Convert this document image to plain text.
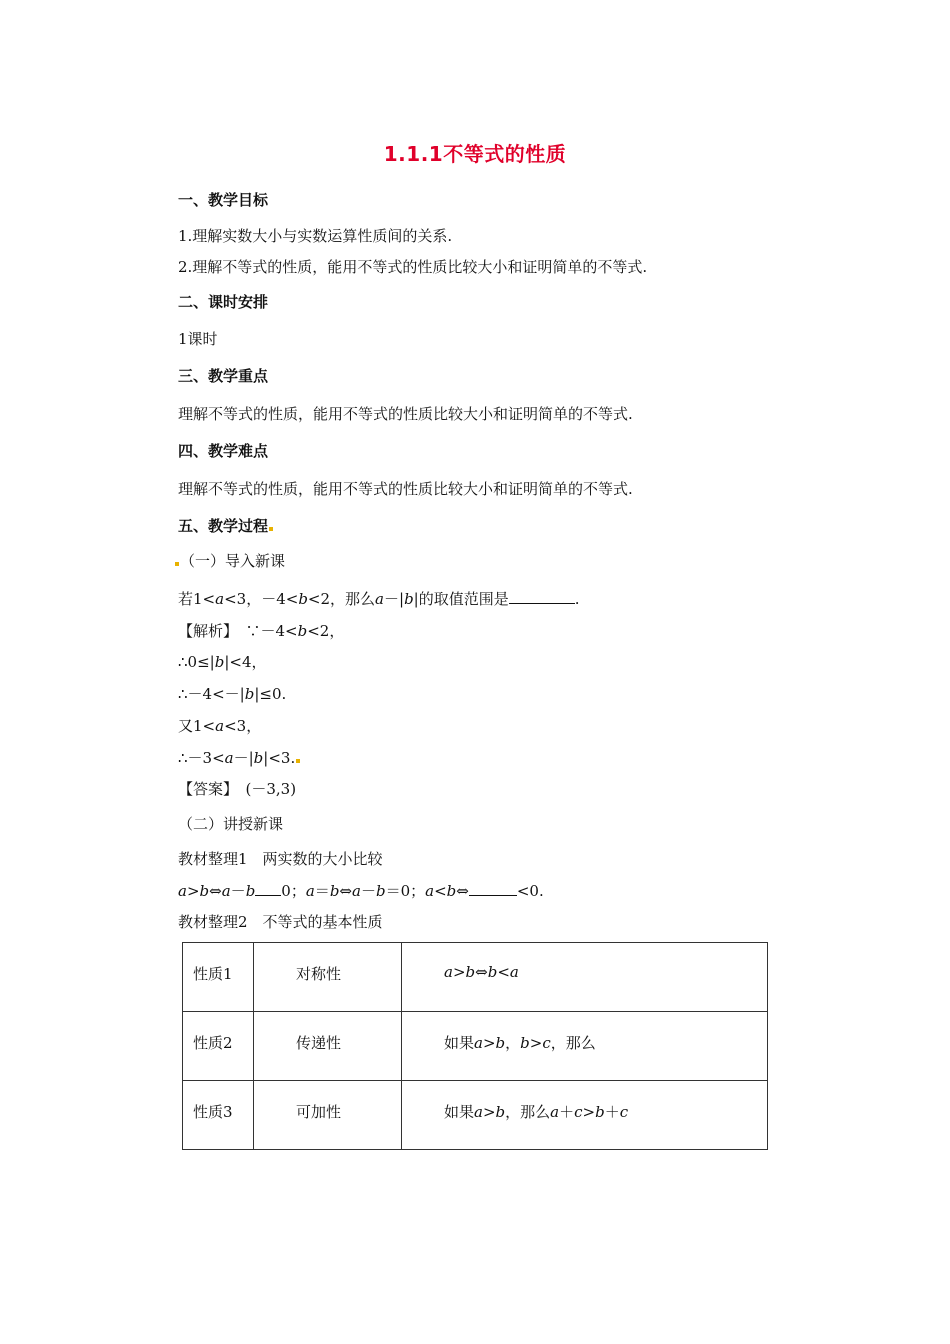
1.1.1不等式的性质
一、教学目标
1.理解实数大小与实数运算性质间的关系.
2.理解不等式的性质，能用不等式的性质比较大小和证明简单的不等式.
二、课时安排
1课时
三、教学重点
理解不等式的性质，能用不等式的性质比较大小和证明简单的不等式.
四、教学难点
理解不等式的性质，能用不等式的性质比较大小和证明简单的不等式.
五、教学过程
（一）导入新课
若1<a<3，－4<b<2，那么a－|b|的取值范围是	.
【解析】　∵－4<b<2，
∴0≤|b|<4，
∴－4<－|b|≤0.
又1<a<3，
∴－3<a－|b|<3.
【答案】　(－3,3)
（二）讲授新课
教材整理1　两实数的大小比较
a>b⇔a－b 0；a＝b⇔a－b＝0；a<b⇔	<0.
教材整理2　不等式的基本性质
性质1	对称性	a>b⇔b<a
性质2	传递性	如果a>b，b>c，那么
性质3	可加性	如果a>b，那么a＋c>b＋c
